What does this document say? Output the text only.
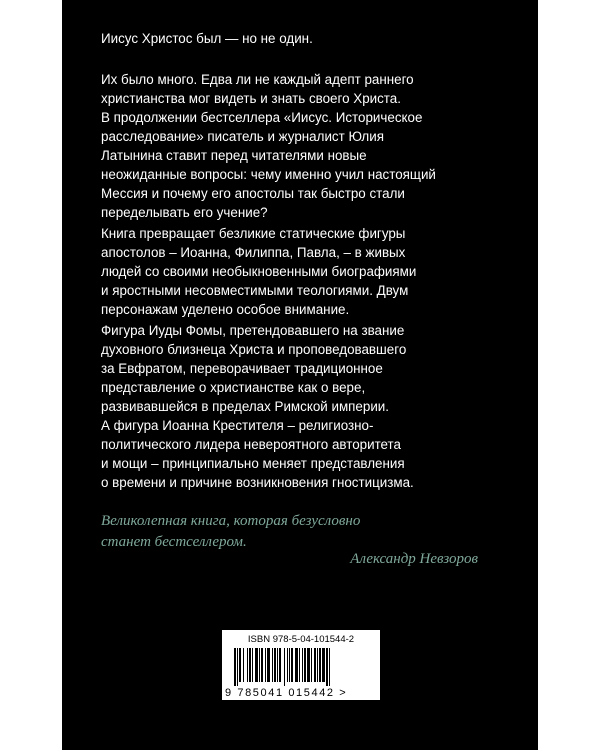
Иисус Христос был — но не один.
Их было много. Едва ли не каждый адепт раннего
христианства мог видеть и знать своего Христа.
В продолжении бестселлера «Иисус. Историческое
расследование» писатель и журналист Юлия
Латынина ставит перед читателями новые
неожиданные вопросы: чему именно учил настоящий
Мессия и почему его апостолы так быстро стали
переделывать его учение?
Книга превращает безликие статические фигуры
апостолов – Иоанна, Филиппа, Павла, – в живых
людей со своими необыкновенными биографиями
и яростными несовместимыми теологиями. Двум
персонажам уделено особое внимание.
Фигура Иуды Фомы, претендовавшего на звание
духовного близнеца Христа и проповедовавшего
за Евфратом, переворачивает традиционное
представление о христианстве как о вере,
развивавшейся в пределах Римской империи.
А фигура Иоанна Крестителя – религиозно-
политического лидера невероятного авторитета
и мощи – принципиально меняет представления
о времени и причине возникновения гностицизма.
Великолепная книга, которая безусловно
станет бестселлером.
Александр Невзоров
ISBN 978-5-04-101544-2
9 785041 015442 >
